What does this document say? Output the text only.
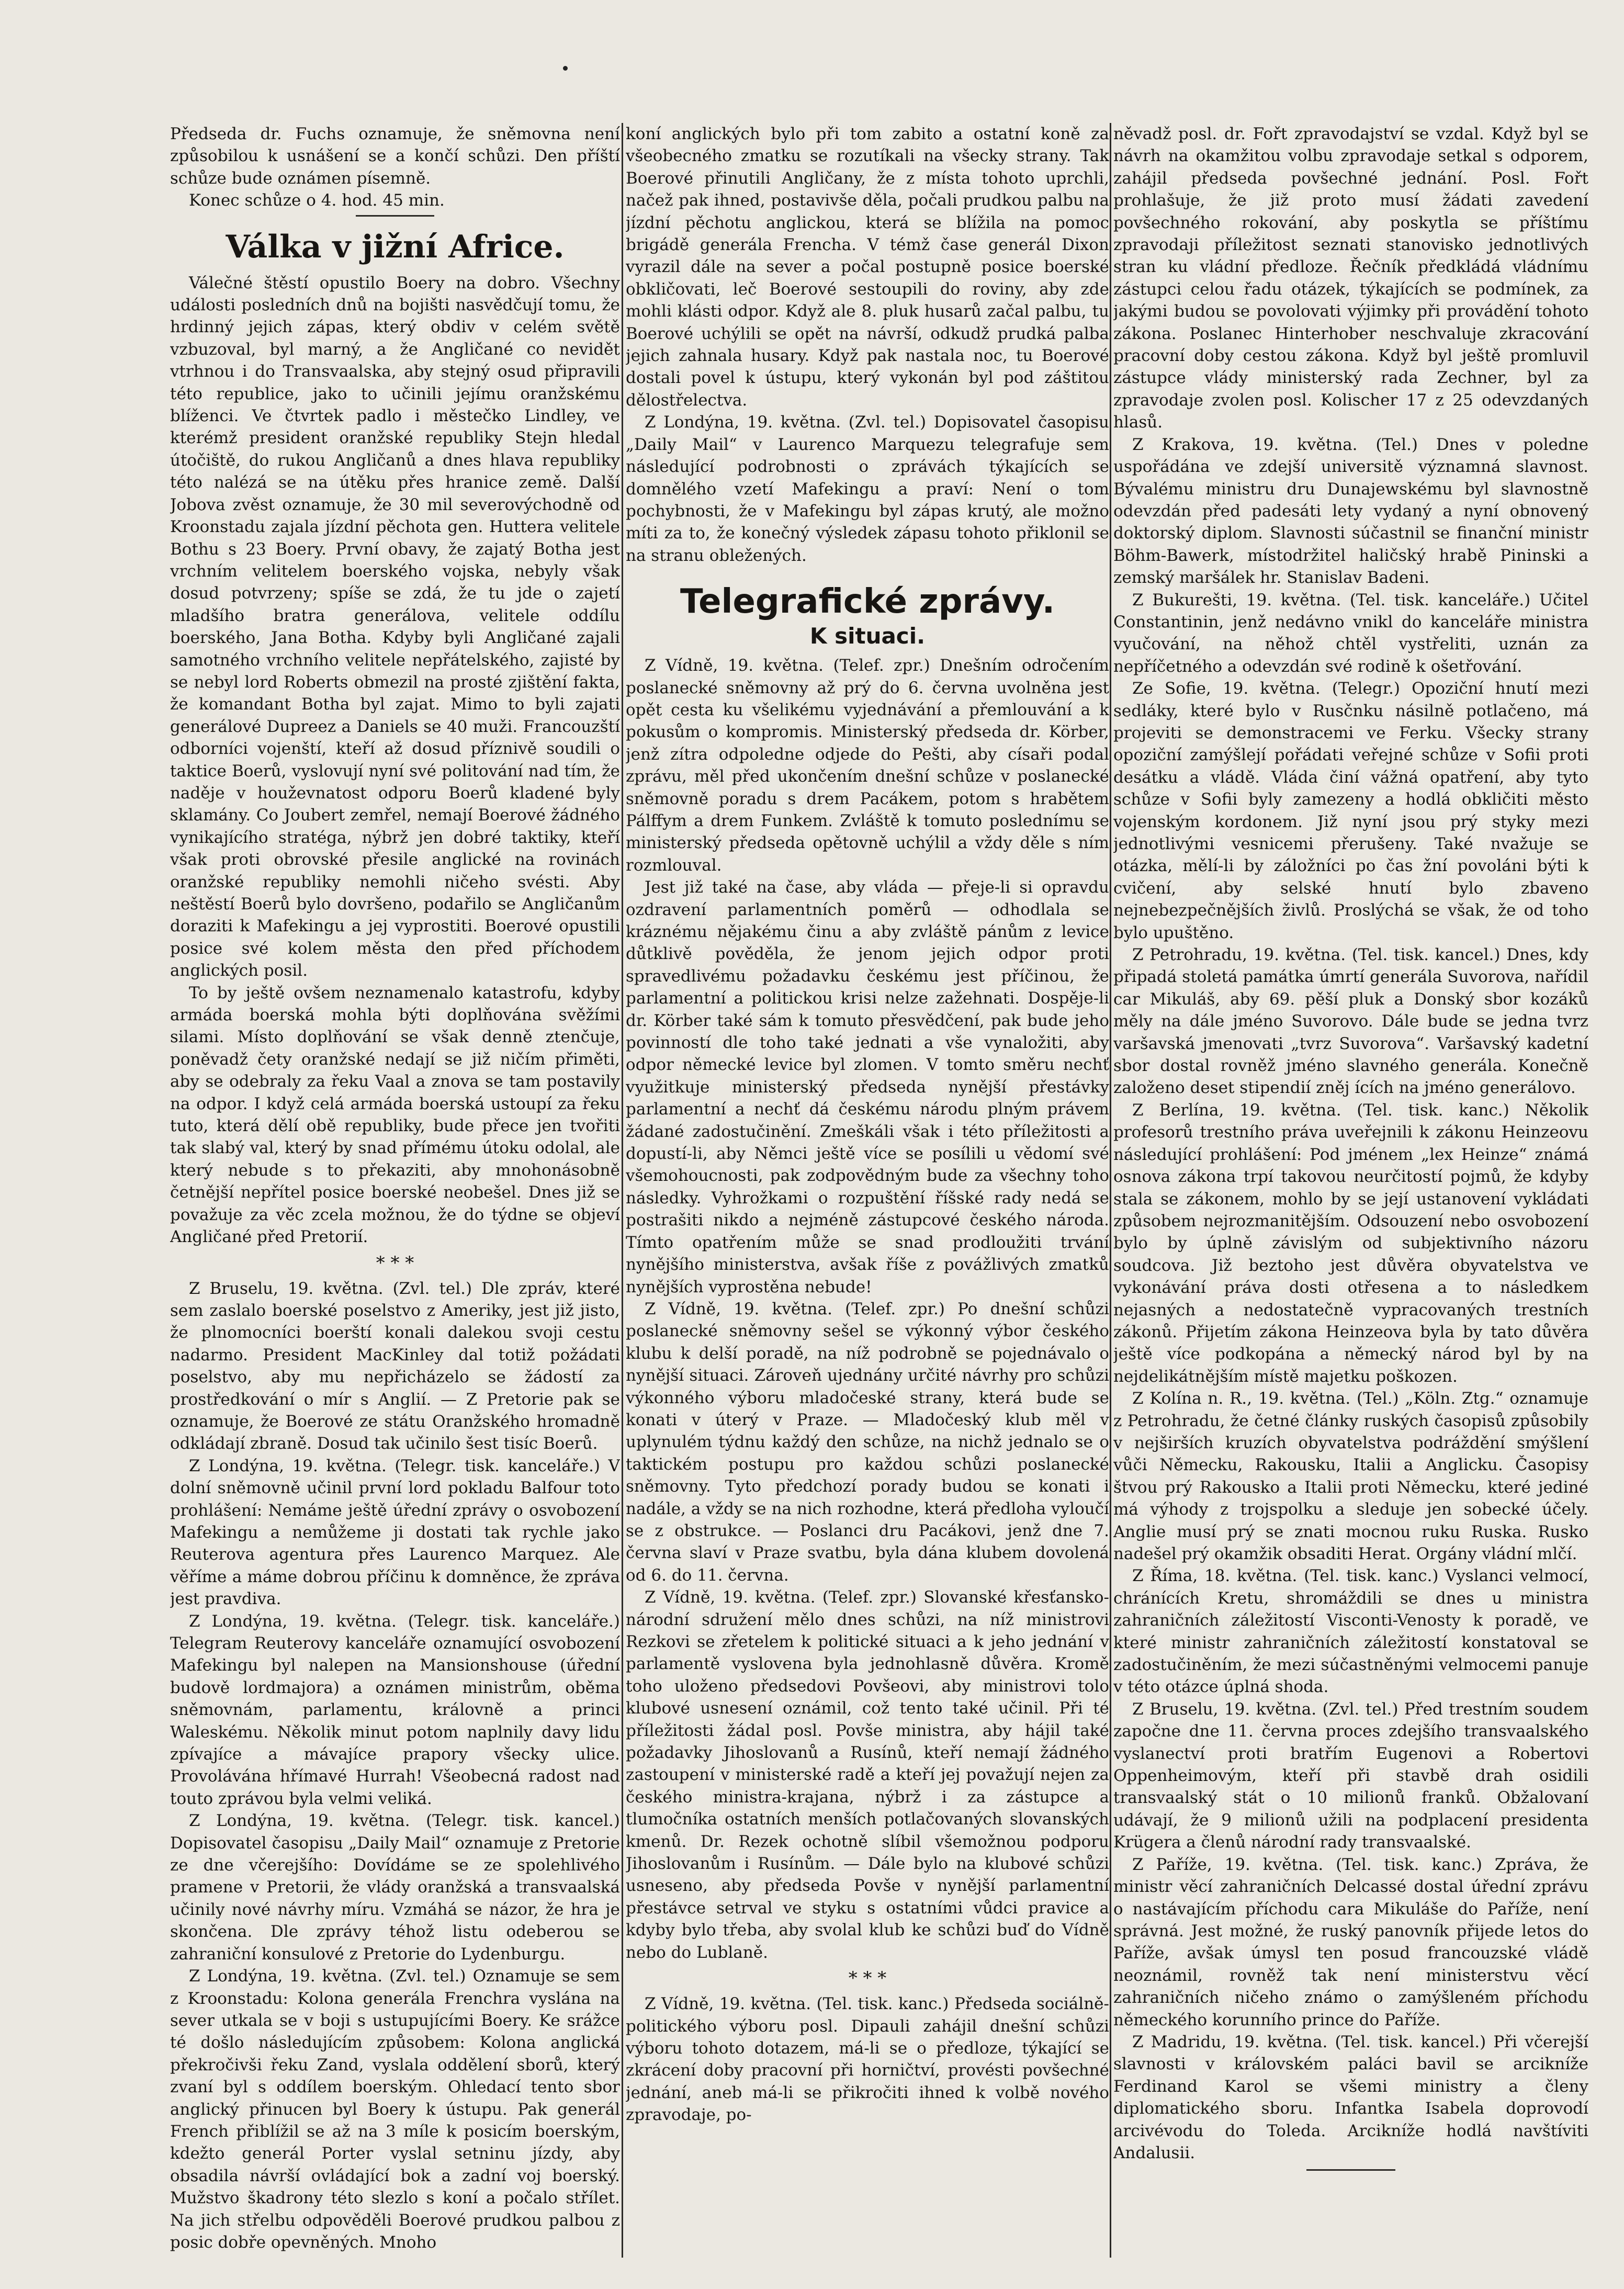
Předseda dr. Fuchs oznamuje, že sněmovna není způsobilou k usnášení se a končí schůzi. Den příští schůze bude oznámen písemně.

Konec schůze o 4. hod. 45 min.

Válka v jižní Africe.

Válečné štěstí opustilo Boery na dobro. Všechny události posledních dnů na bojišti nasvědčují tomu, že hrdinný jejich zápas, který obdiv v celém světě vzbuzoval, byl marný, a že Angličané co nevidět vtrhnou i do Transvaalska, aby stejný osud připravili této republice, jako to učinili jejímu oranžskému blíženci. Ve čtvrtek padlo i městečko Lindley, ve kterémž president oranžské republiky Stejn hledal útočiště, do rukou Angličanů a dnes hlava republiky této nalézá se na útěku přes hranice země. Další Jobova zvěst oznamuje, že 30 mil severovýchodně od Kroonstadu zajala jízdní pěchota gen. Huttera velitele Bothu s 23 Boery. První obavy, že zajatý Botha jest vrchním velitelem boerského vojska, nebyly však dosud potvrzeny; spíše se zdá, že tu jde o zajetí mladšího bratra generálova, velitele oddílu boerského, Jana Botha. Kdyby byli Angličané zajali samotného vrchního velitele nepřátelského, zajisté by se nebyl lord Roberts obmezil na prosté zjištění fakta, že komandant Botha byl zajat. Mimo to byli zajati generálové Dupreez a Daniels se 40 muži. Francouzští odborníci vojenští, kteří až dosud příznivě soudili o taktice Boerů, vyslovují nyní své politování nad tím, že naděje v houževnatost odporu Boerů kladené byly sklamány. Co Joubert zemřel, nemají Boerové žádného vynikajícího stratéga, nýbrž jen dobré taktiky, kteří však proti obrovské přesile anglické na rovinách oranžské republiky nemohli ničeho svésti. Aby neštěstí Boerů bylo dovršeno, podařilo se Angličanům doraziti k Mafekingu a jej vyprostiti. Boerové opustili posice své kolem města den před příchodem anglických posil.

To by ještě ovšem neznamenalo katastrofu, kdyby armáda boerská mohla býti doplňována svěžími silami. Místo doplňování se však denně ztenčuje, poněvadž čety oranžské nedají se již ničím přiměti, aby se odebraly za řeku Vaal a znova se tam postavily na odpor. I když celá armáda boerská ustoupí za řeku tuto, která dělí obě republiky, bude přece jen tvořiti tak slabý val, který by snad přímému útoku odolal, ale který nebude s to překaziti, aby mnohonásobně četnější nepřítel posice boerské neobešel. Dnes již se považuje za věc zcela možnou, že do týdne se objeví Angličané před Pretorií.

* * *

Z Bruselu, 19. května. (Zvl. tel.) Dle zpráv, které sem zaslalo boerské poselstvo z Ameriky, jest již jisto, že plnomocníci boerští konali dalekou svoji cestu nadarmo. President MacKinley dal totiž požádati poselstvo, aby mu nepřicházelo se žádostí za prostředkování o mír s Anglií. — Z Pretorie pak se oznamuje, že Boerové ze státu Oranžského hromadně odkládají zbraně. Dosud tak učinilo šest tisíc Boerů.

Z Londýna, 19. května. (Telegr. tisk. kanceláře.) V dolní sněmovně učinil první lord pokladu Balfour toto prohlášení: Nemáme ještě úřední zprávy o osvobození Mafekingu a nemůžeme ji dostati tak rychle jako Reuterova agentura přes Laurenco Marquez. Ale věříme a máme dobrou příčinu k domněnce, že zpráva jest pravdiva.

Z Londýna, 19. května. (Telegr. tisk. kanceláře.) Telegram Reuterovy kanceláře oznamující osvobození Mafekingu byl nalepen na Mansionshouse (úřední budově lordmajora) a oznámen ministrům, oběma sněmovnám, parlamentu, královně a princi Waleskému. Několik minut potom naplnily davy lidu zpívajíce a mávajíce prapory všecky ulice. Provolávána hřímavé Hurrah! Všeobecná radost nad touto zprávou byla velmi veliká.

Z Londýna, 19. května. (Telegr. tisk. kancel.) Dopisovatel časopisu „Daily Mail“ oznamuje z Pretorie ze dne včerejšího: Dovídáme se ze spolehlivého pramene v Pretorii, že vlády oranžská a transvaalská učinily nové návrhy míru. Vzmáhá se názor, že hra je skončena. Dle zprávy téhož listu odeberou se zahraniční konsulové z Pretorie do Lydenburgu.

Z Londýna, 19. května. (Zvl. tel.) Oznamuje se sem z Kroonstadu: Kolona generála Frenchra vyslána na sever utkala se v boji s ustupujícími Boery. Ke srážce té došlo následujícím způsobem: Kolona anglická překročivši řeku Zand, vyslala oddělení sborů, který zvaní byl s oddílem boerským. Ohledací tento sbor anglický přinucen byl Boery k ústupu. Pak generál French přiblížil se až na 3 míle k posicím boerským, kdežto generál Porter vyslal setninu jízdy, aby obsadila návrší ovládající bok a zadní voj boerský. Mužstvo škadrony této slezlo s koní a počalo střílet. Na jich střelbu odpověděli Boerové prudkou palbou z posic dobře opevněných. Mnoho

koní anglických bylo při tom zabito a ostatní koně za všeobecného zmatku se rozutíkali na všecky strany. Tak Boerové přinutili Angličany, že z místa tohoto uprchli, načež pak ihned, postavivše děla, počali prudkou palbu na jízdní pěchotu anglickou, která se blížila na pomoc brigádě generála Frencha. V témž čase generál Dixon vyrazil dále na sever a počal postupně posice boerské obkličovati, leč Boerové sestoupili do roviny, aby zde mohli klásti odpor. Když ale 8. pluk husarů začal palbu, tu Boerové uchýlili se opět na návrší, odkudž prudká palba jejich zahnala husary. Když pak nastala noc, tu Boerové dostali povel k ústupu, který vykonán byl pod záštitou dělostřelectva.

Z Londýna, 19. května. (Zvl. tel.) Dopisovatel časopisu „Daily Mail“ v Laurenco Marquezu telegrafuje sem následující podrobnosti o zprávách týkajících se domnělého vzetí Mafekingu a praví: Není o tom pochybnosti, že v Mafekingu byl zápas krutý, ale možno míti za to, že konečný výsledek zápasu tohoto přiklonil se na stranu obležených.

Telegrafické zprávy.
K situaci.

Z Vídně, 19. května. (Telef. zpr.) Dnešním odročením poslanecké sněmovny až prý do 6. června uvolněna jest opět cesta ku všelikému vyjednávání a přemlouvání a k pokusům o kompromis. Ministerský předseda dr. Körber, jenž zítra odpoledne odjede do Pešti, aby císaři podal zprávu, měl před ukončením dnešní schůze v poslanecké sněmovně poradu s drem Pacákem, potom s hrabětem Pálffym a drem Funkem. Zvláště k tomuto poslednímu se ministerský předseda opětovně uchýlil a vždy děle s ním rozmlouval.

Jest již také na čase, aby vláda — přeje-li si opravdu ozdravení parlamentních poměrů — odhodlala se kráznému nějakému činu a aby zvláště pánům z levice důtklivě pověděla, že jenom jejich odpor proti spravedlivému požadavku českému jest příčinou, že parlamentní a politickou krisi nelze zažehnati. Dospěje-li dr. Körber také sám k tomuto přesvědčení, pak bude jeho povinností dle toho také jednati a vše vynaložiti, aby odpor německé levice byl zlomen. V tomto směru nechť využitkuje ministerský předseda nynější přestávky parlamentní a nechť dá českému národu plným právem žádané zadostučinění. Zmeškáli však i této příležitosti a dopustí-li, aby Němci ještě více se posílili u vědomí své všemohoucnosti, pak zodpovědným bude za všechny toho následky. Vyhrožkami o rozpuštění říšské rady nedá se postrašiti nikdo a nejméně zástupcové českého národa. Tímto opatřením může se snad prodloužiti trvání nynějšího ministerstva, avšak říše z povážlivých zmatků nynějších vyprostěna nebude!

Z Vídně, 19. května. (Telef. zpr.) Po dnešní schůzi poslanecké sněmovny sešel se výkonný výbor českého klubu k delší poradě, na níž podrobně se pojednávalo o nynější situaci. Zároveň ujednány určité návrhy pro schůzi výkonného výboru mladočeské strany, která bude se konati v úterý v Praze. — Mladočeský klub měl v uplynulém týdnu každý den schůze, na nichž jednalo se o taktickém postupu pro každou schůzi poslanecké sněmovny. Tyto předchozí porady budou se konati i nadále, a vždy se na nich rozhodne, která předloha vyloučí se z obstrukce. — Poslanci dru Pacákovi, jenž dne 7. června slaví v Praze svatbu, byla dána klubem dovolená od 6. do 11. června.

Z Vídně, 19. května. (Telef. zpr.) Slovanské křesťansko-národní sdružení mělo dnes schůzi, na níž ministrovi Rezkovi se zřetelem k politické situaci a k jeho jednání v parlamentě vyslovena byla jednohlasně důvěra. Kromě toho uloženo předsedovi Povšeovi, aby ministrovi tolo klubové usnesení oznámil, což tento také učinil. Při té příležitosti žádal posl. Povše ministra, aby hájil také požadavky Jihoslovanů a Rusínů, kteří nemají žádného zastoupení v ministerské radě a kteří jej považují nejen za českého ministra-krajana, nýbrž i za zástupce a tlumočníka ostatních menších potlačovaných slovanských kmenů. Dr. Rezek ochotně slíbil všemožnou podporu Jihoslovanům i Rusínům. — Dále bylo na klubové schůzi usneseno, aby předseda Povše v nynější parlamentní přestávce setrval ve styku s ostatními vůdci pravice a kdyby bylo třeba, aby svolal klub ke schůzi buď do Vídně nebo do Lublaně.

* * *

Z Vídně, 19. května. (Tel. tisk. kanc.) Předseda sociálně-politického výboru posl. Dipauli zahájil dnešní schůzi výboru tohoto dotazem, má-li se o předloze, týkající se zkrácení doby pracovní při horničtví, provésti povšechné jednání, aneb má-li se přikročiti ihned k volbě nového zpravodaje, po-

něvadž posl. dr. Fořt zpravodajství se vzdal. Když byl se návrh na okamžitou volbu zpravodaje setkal s odporem, zahájil předseda povšechné jednání. Posl. Fořt prohlašuje, že již proto musí žádati zavedení povšechného rokování, aby poskytla se příštímu zpravodaji příležitost seznati stanovisko jednotlivých stran ku vládní předloze. Řečník předkládá vládnímu zástupci celou řadu otázek, týkajících se podmínek, za jakými budou se povolovati výjimky při provádění tohoto zákona. Poslanec Hinterhober neschvaluje zkracování pracovní doby cestou zákona. Když byl ještě promluvil zástupce vlády ministerský rada Zechner, byl za zpravodaje zvolen posl. Kolischer 17 z 25 odevzdaných hlasů.

Z Krakova, 19. května. (Tel.) Dnes v poledne uspořádána ve zdejší universitě významná slavnost. Bývalému ministru dru Dunajewskému byl slavnostně odevzdán před padesáti lety vydaný a nyní obnovený doktorský diplom. Slavnosti súčastnil se finanční ministr Böhm-Bawerk, místodržitel haličský hrabě Pininski a zemský maršálek hr. Stanislav Badeni.

Z Bukurešti, 19. května. (Tel. tisk. kanceláře.) Učitel Constantinin, jenž nedávno vnikl do kanceláře ministra vyučování, na něhož chtěl vystřeliti, uznán za nepříčetného a odevzdán své rodině k ošetřování.

Ze Sofie, 19. května. (Telegr.) Opoziční hnutí mezi sedláky, které bylo v Rusčnku násilně potlačeno, má projeviti se demonstracemi ve Ferku. Všecky strany opoziční zamýšlejí pořádati veřejné schůze v Sofii proti desátku a vládě. Vláda činí vážná opatření, aby tyto schůze v Sofii byly zamezeny a hodlá obkličiti město vojenským kordonem. Již nyní jsou prý styky mezi jednotlivými vesnicemi přerušeny. Také nvažuje se otázka, mělí-li by záložníci po čas žní povoláni býti k cvičení, aby selské hnutí bylo zbaveno nejnebezpečnějších živlů. Proslýchá se však, že od toho bylo upuštěno.

Z Petrohradu, 19. května. (Tel. tisk. kancel.) Dnes, kdy připadá stoletá památka úmrtí generála Suvorova, nařídil car Mikuláš, aby 69. pěší pluk a Donský sbor kozáků měly na dále jméno Suvorovo. Dále bude se jedna tvrz varšavská jmenovati „tvrz Suvorova“. Varšavský kadetní sbor dostal rovněž jméno slavného generála. Konečně založeno deset stipendií zněj ících na jméno generálovo.

Z Berlína, 19. května. (Tel. tisk. kanc.) Několik profesorů trestního práva uveřejnili k zákonu Heinzeovu následující prohlášení: Pod jménem „lex Heinze“ známá osnova zákona trpí takovou neurčitostí pojmů, že kdyby stala se zákonem, mohlo by se její ustanovení vykládati způsobem nejrozmanitějším. Odsouzení nebo osvobození bylo by úplně závislým od subjektivního názoru soudcova. Již beztoho jest důvěra obyvatelstva ve vykonávání práva dosti otřesena a to následkem nejasných a nedostatečně vypracovaných trestních zákonů. Přijetím zákona Heinzeova byla by tato důvěra ještě více podkopána a německý národ byl by na nejdelikátnějším místě majetku poškozen.

Z Kolína n. R., 19. května. (Tel.) „Köln. Ztg.“ oznamuje z Petrohradu, že četné články ruských časopisů způsobily v nejširších kruzích obyvatelstva podráždění smýšlení vůči Německu, Rakousku, Italii a Anglicku. Časopisy štvou prý Rakousko a Italii proti Německu, které jediné má výhody z trojspolku a sleduje jen sobecké účely. Anglie musí prý se znati mocnou ruku Ruska. Rusko nadešel prý okamžik obsaditi Herat. Orgány vládní mlčí.

Z Říma, 18. května. (Tel. tisk. kanc.) Vyslanci velmocí, chránících Kretu, shromáždili se dnes u ministra zahraničních záležitostí Visconti-Venosty k poradě, ve které ministr zahraničních záležitostí konstatoval se zadostučiněním, že mezi súčastněnými velmocemi panuje v této otázce úplná shoda.

Z Bruselu, 19. května. (Zvl. tel.) Před trestním soudem započne dne 11. června proces zdejšího transvaalského vyslanectví proti bratřím Eugenovi a Robertovi Oppenheimovým, kteří při stavbě drah osidili transvaalský stát o 10 milionů franků. Obžalovaní udávají, že 9 milionů užili na podplacení presidenta Krügera a členů národní rady transvaalské.

Z Paříže, 19. května. (Tel. tisk. kanc.) Zpráva, že ministr věcí zahraničních Delcassé dostal úřední zprávu o nastávajícím příchodu cara Mikuláše do Paříže, není správná. Jest možné, že ruský panovník přijede letos do Paříže, avšak úmysl ten posud francouzské vládě neoznámil, rovněž tak není ministerstvu věcí zahraničních ničeho známo o zamýšleném příchodu německého korunního prince do Paříže.

Z Madridu, 19. května. (Tel. tisk. kancel.) Při včerejší slavnosti v královském paláci bavil se arcikníže Ferdinand Karol se všemi ministry a členy diplomatického sboru. Infantka Isabela doprovodí arcivévodu do Toleda. Arcikníže hodlá navštíviti Andalusii.
